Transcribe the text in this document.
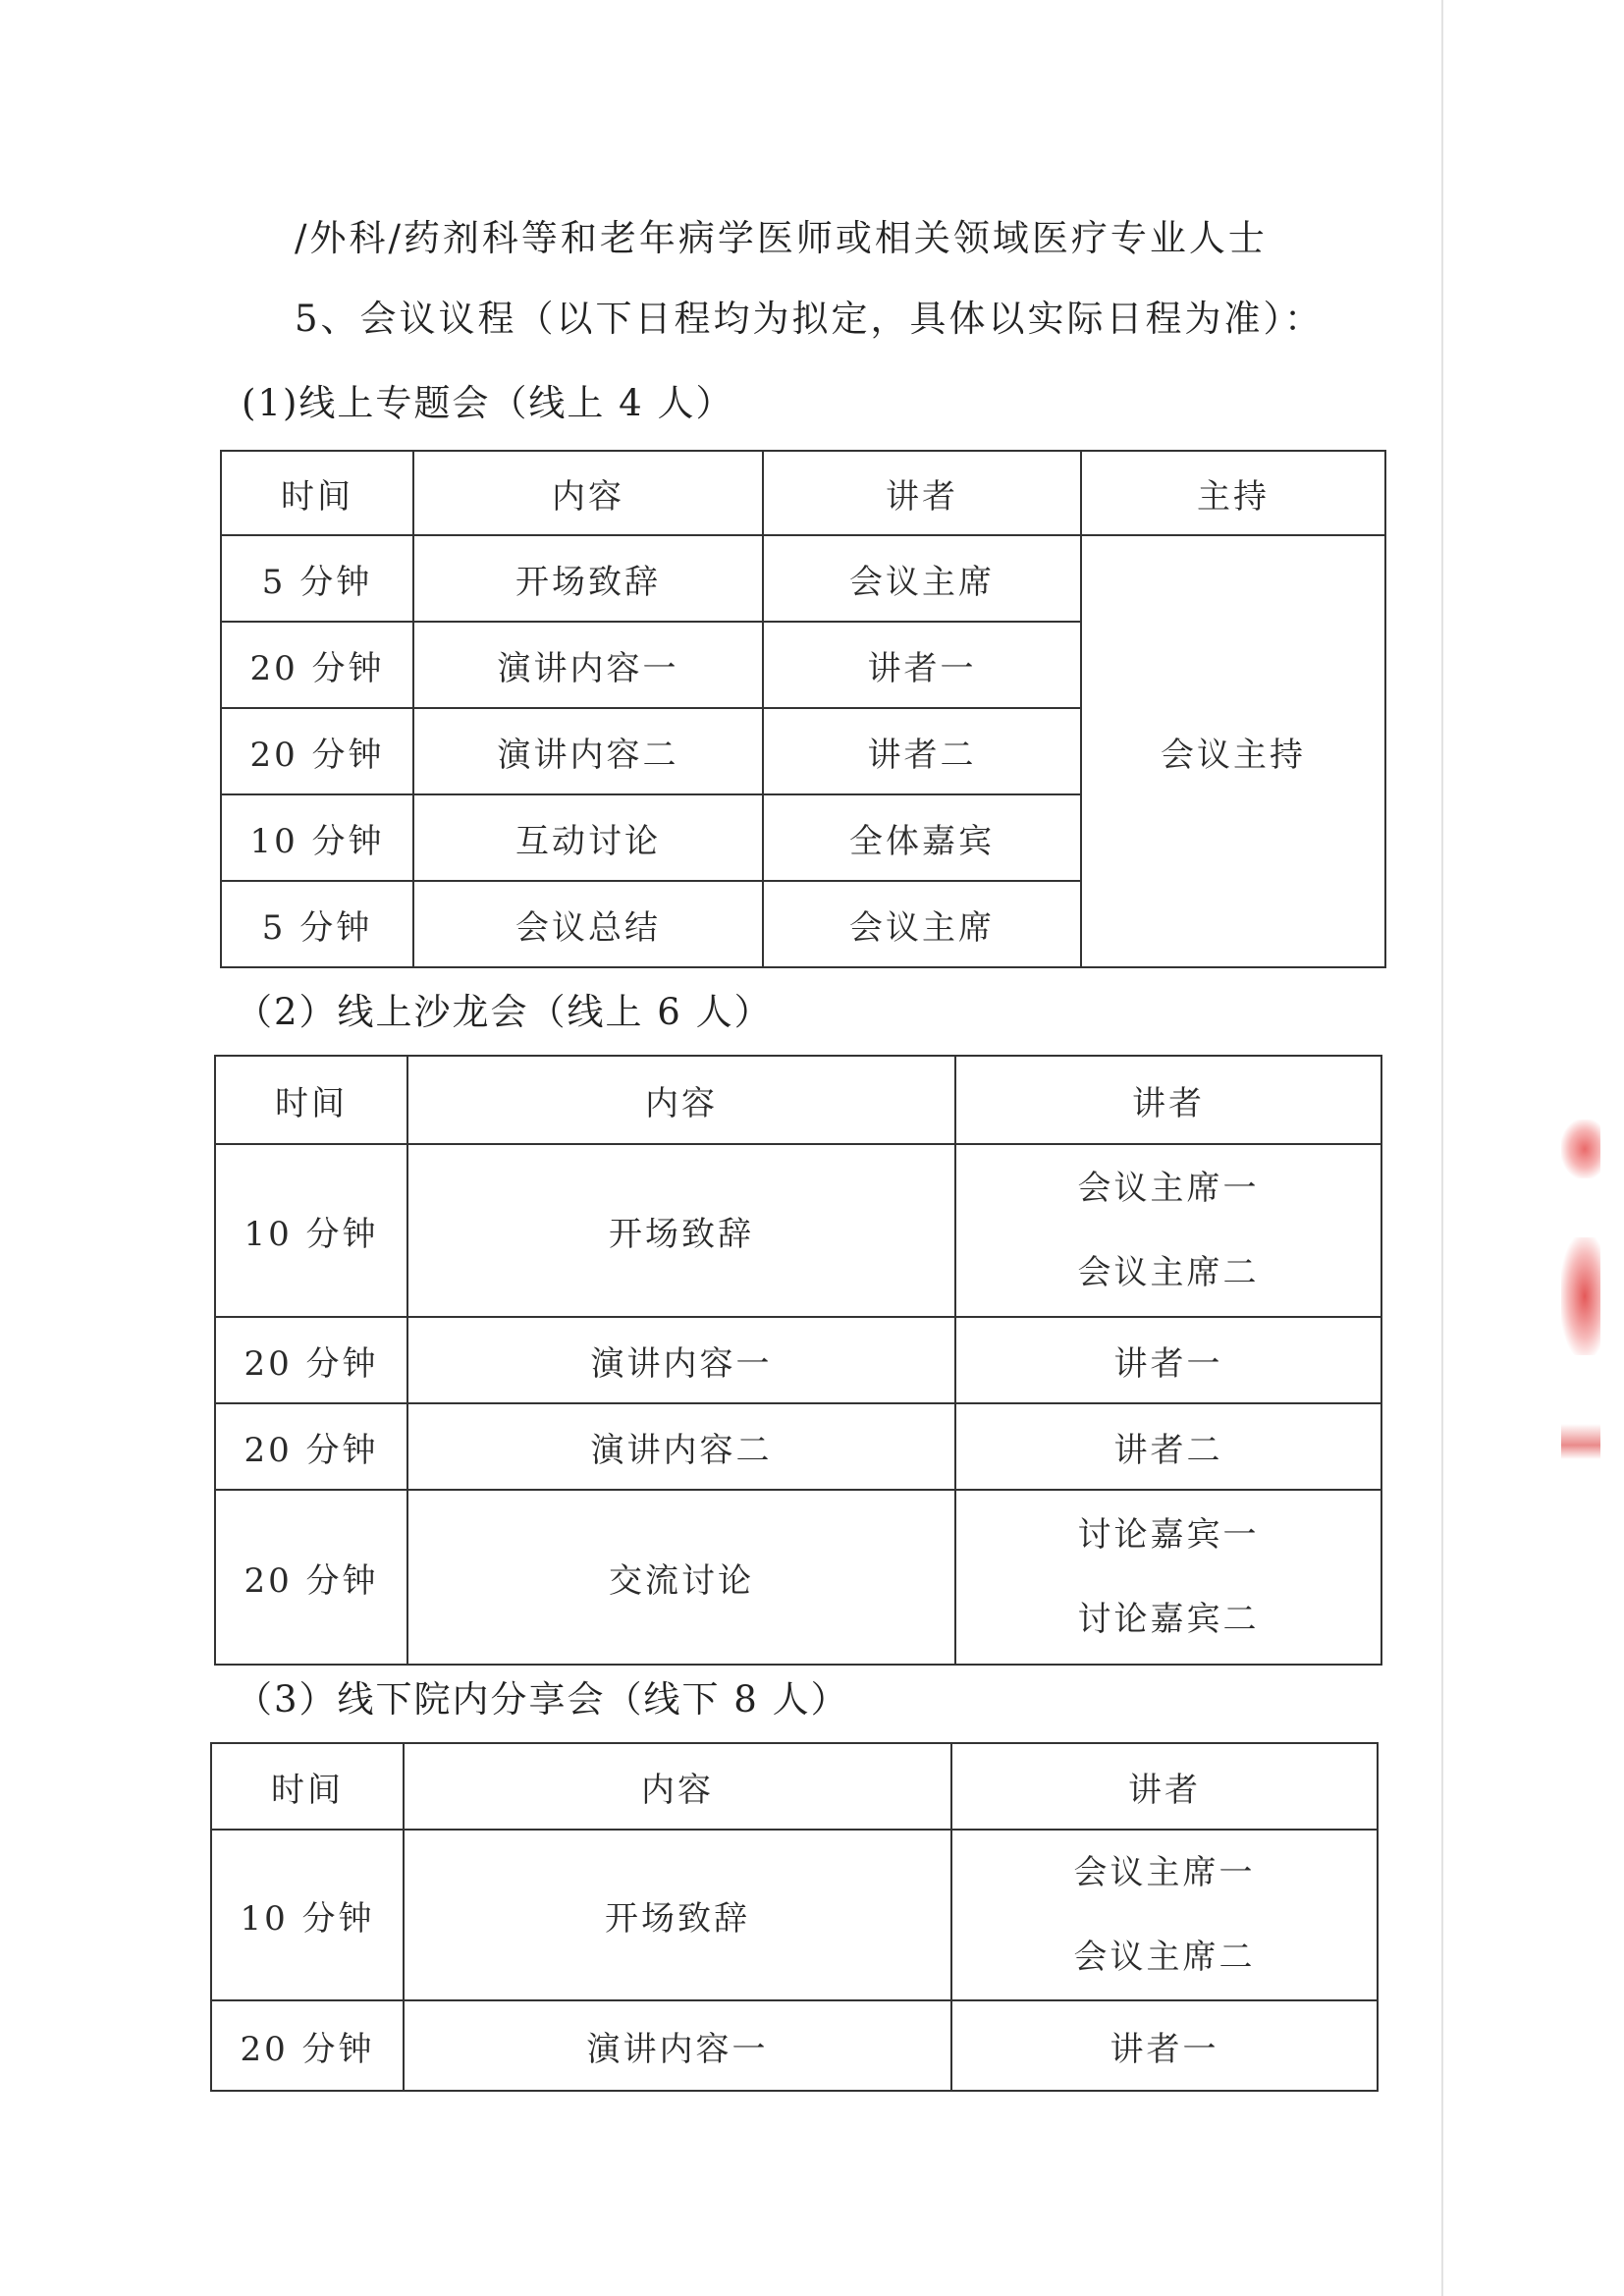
/外科/药剂科等和老年病学医师或相关领域医疗专业人士
5、会议议程（以下日程均为拟定，具体以实际日程为准）：
(1)线上专题会（线上 4 人）
时间	内容	讲者	主持
5 分钟	开场致辞	会议主席	会议主持
20 分钟	演讲内容一	讲者一	
20 分钟	演讲内容二	讲者二	
10 分钟	互动讨论	全体嘉宾	
5 分钟	会议总结	会议主席	
（2）线上沙龙会（线上 6 人）
时间	内容	讲者
10 分钟	开场致辞	会议主席一
会议主席二

20 分钟	演讲内容一	讲者一
20 分钟	演讲内容二	讲者二
20 分钟	交流讨论	讨论嘉宾一
讨论嘉宾二
（3）线下院内分享会（线下 8 人）
时间	内容	讲者
10 分钟	开场致辞	会议主席一
会议主席二

20 分钟	演讲内容一	讲者一
